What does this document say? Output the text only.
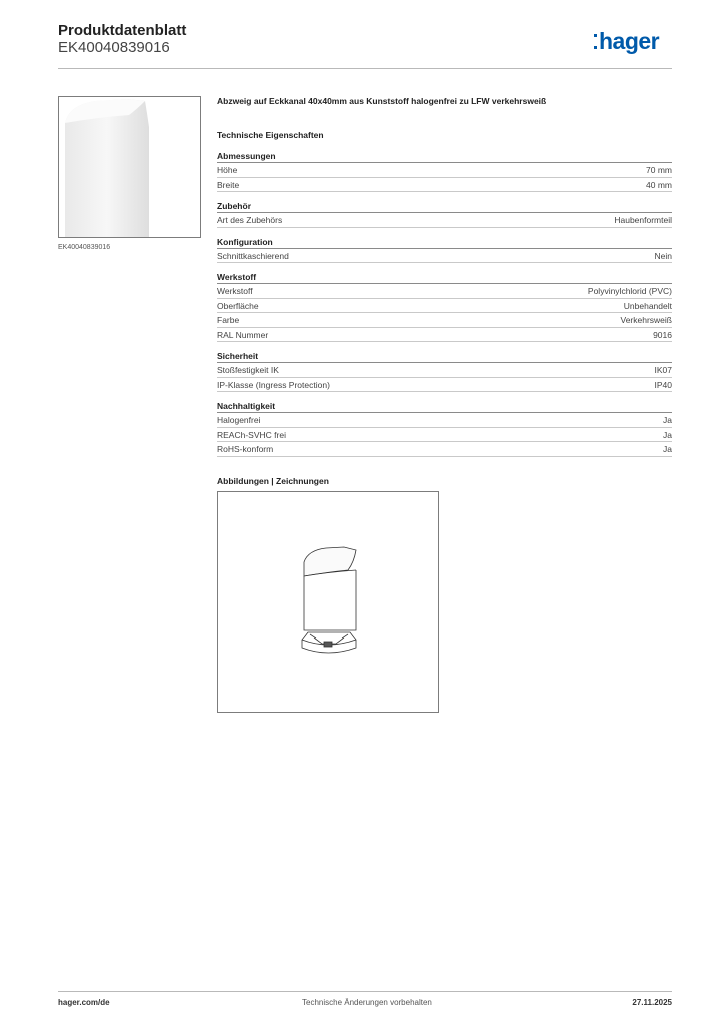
Produktdatenblatt
EK40040839016	hager
EK40040839016
Abzweig auf Eckkanal 40x40mm aus Kunststoff halogenfrei zu LFW verkehrsweiß
Technische Eigenschaften
Abmessungen
Höhe	70 mm
Breite	40 mm
Zubehör
Art des Zubehörs	Haubenformteil
Konfiguration
Schnittkaschierend	Nein
Werkstoff
Werkstoff	Polyvinylchlorid (PVC)
Oberfläche	Unbehandelt
Farbe	Verkehrsweiß
RAL Nummer	9016
Sicherheit
Stoßfestigkeit IK	IK07
IP-Klasse (Ingress Protection)	IP40
Nachhaltigkeit
Halogenfrei	Ja
REACh-SVHC frei	Ja
RoHS-konform	Ja
Abbildungen | Zeichnungen
hager.com/de	Technische Änderungen vorbehalten	27.11.2025
